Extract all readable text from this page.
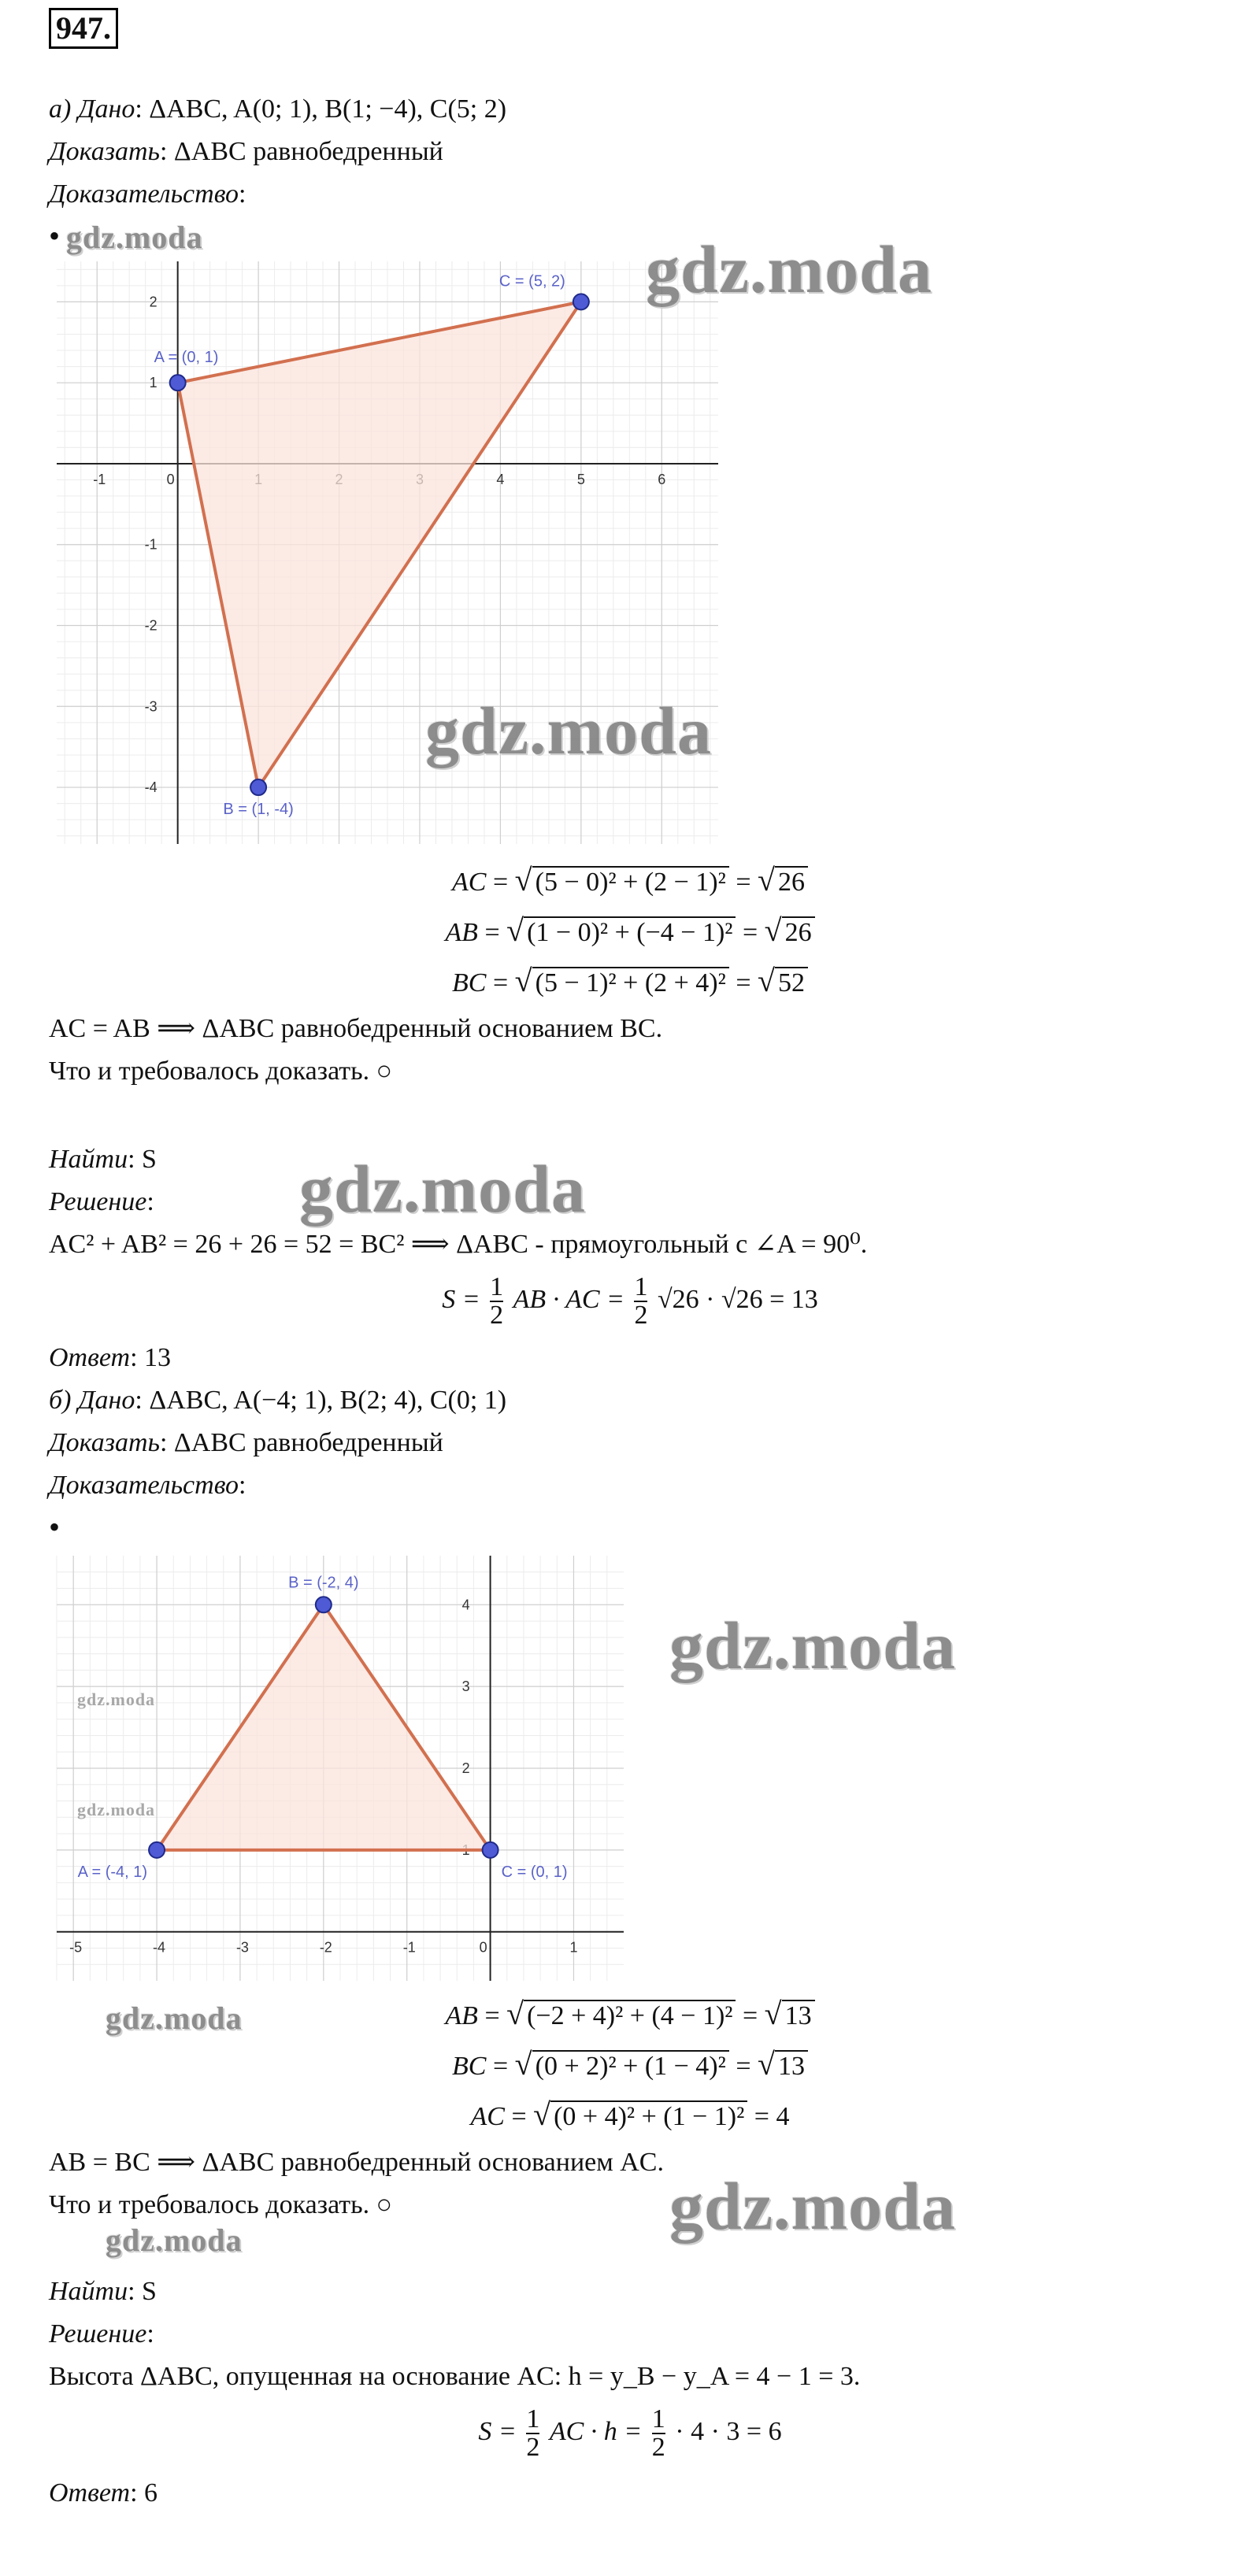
947.
а) Дано: ΔABC, A(0; 1), B(1; −4), C(5; 2)
Доказать: ΔABC равнобедренный
Доказательство:
• gdz.moda
-1	0	4	5	6
-4
-3
-2
-1
1
2
A = (0, 1)
B = (1, -4)
C = (5, 2) gdz.moda
gdz.moda
AC = √ (5 − 0)² + (2 − 1)² = √ 26
AB = √ (1 − 0)² + (−4 − 1)² = √ 26
BC = √ (5 − 1)² + (2 + 4)² = √ 52
AC = AB ⟹ ΔABC равнобедренный основанием BC.
Что и требовалось доказать. ○
Найти: S gdz.moda
Решение:
AC² + AB² = 26 + 26 = 52 = BC² ⟹ ΔABC - прямоугольный с ∠A = 90⁰.
$S = \frac{1}{2}$ AB · AC = $\frac{1}{2} √26 \cdot √26 = 13$
Ответ: 13
б) Дано: ΔABC, A(−4; 1), B(2; 4), C(0; 1)
Доказать: ΔABC равнобедренный
Доказательство:
•
-5	-4	-3	-2	-1	0	1
2
3
4
A = (-4, 1)
B = (-2, 4)
C = (0, 1)
gdz.moda
gdz.moda
gdz.moda
gdz.moda	AB = √ (−2 + 4)² + (4 − 1)² = √ 13
BC = √ (0 + 2)² + (1 − 4)² = √ 13
AC = √ (0 + 4)² + (1 − 1)² = 4
AB = BC ⟹ ΔABC равнобедренный основанием AC.
gdz.moda
Что и требовалось доказать. ○
gdz.moda
Найти: S
Решение:
Высота ΔABC, опущенная на основание AC: h = y_B − y_A = 4 − 1 = 3.
$S = \frac{1}{2}$ AC · $h = \frac{1}{2} \cdot 4 \cdot 3 = 6$
Ответ: 6
